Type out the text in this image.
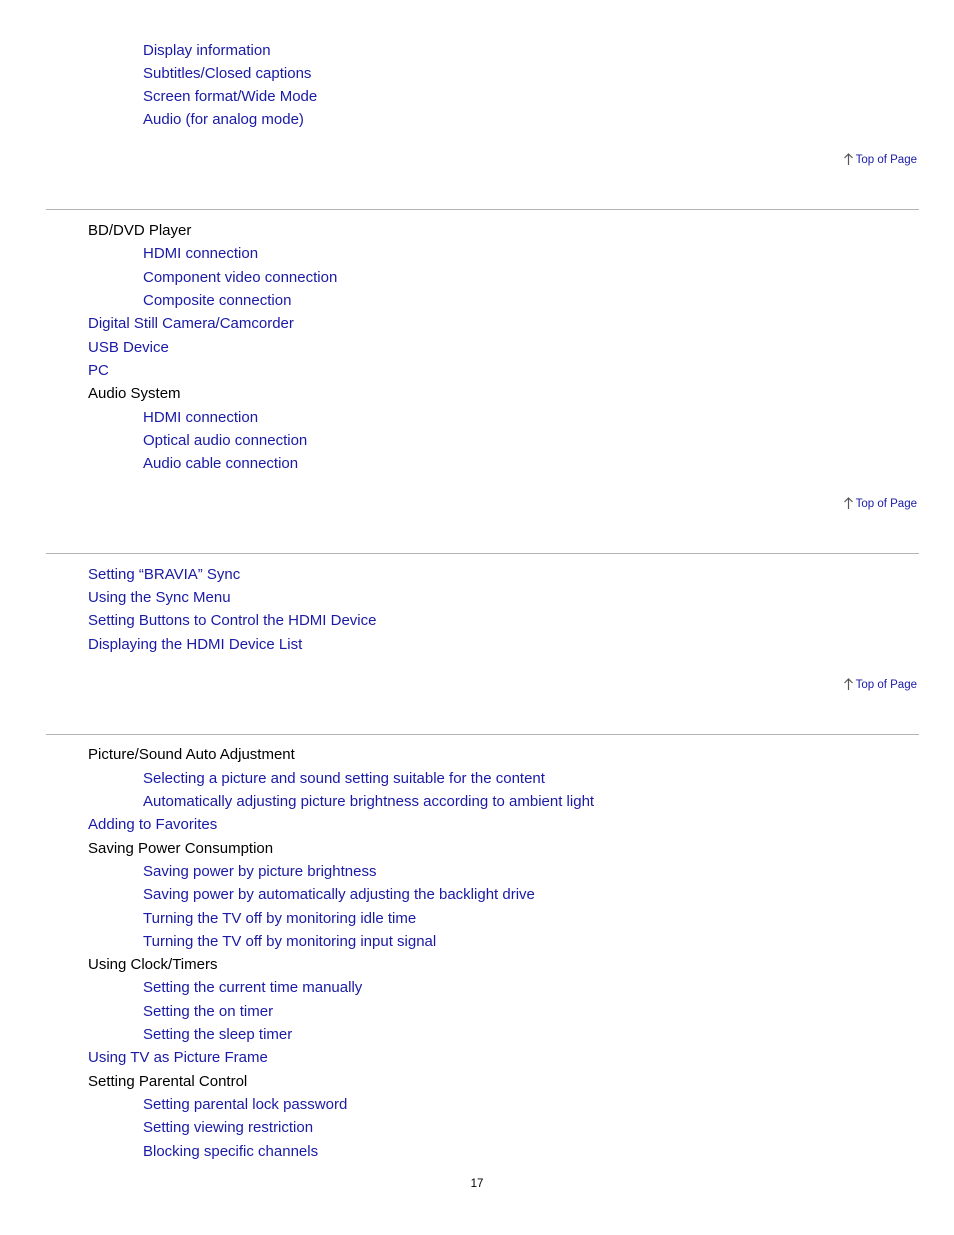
Display information
Subtitles/Closed captions
Screen format/Wide Mode
Audio (for analog mode)
Top of Page
BD/DVD Player
HDMI connection
Component video connection
Composite connection
Digital Still Camera/Camcorder
USB Device
PC
Audio System
HDMI connection
Optical audio connection
Audio cable connection
Top of Page
Setting “BRAVIA” Sync
Using the Sync Menu
Setting Buttons to Control the HDMI Device
Displaying the HDMI Device List
Top of Page
Picture/Sound Auto Adjustment
Selecting a picture and sound setting suitable for the content
Automatically adjusting picture brightness according to ambient light
Adding to Favorites
Saving Power Consumption
Saving power by picture brightness
Saving power by automatically adjusting the backlight drive
Turning the TV off by monitoring idle time
Turning the TV off by monitoring input signal
Using Clock/Timers
Setting the current time manually
Setting the on timer
Setting the sleep timer
Using TV as Picture Frame
Setting Parental Control
Setting parental lock password
Setting viewing restriction
Blocking specific channels
17
